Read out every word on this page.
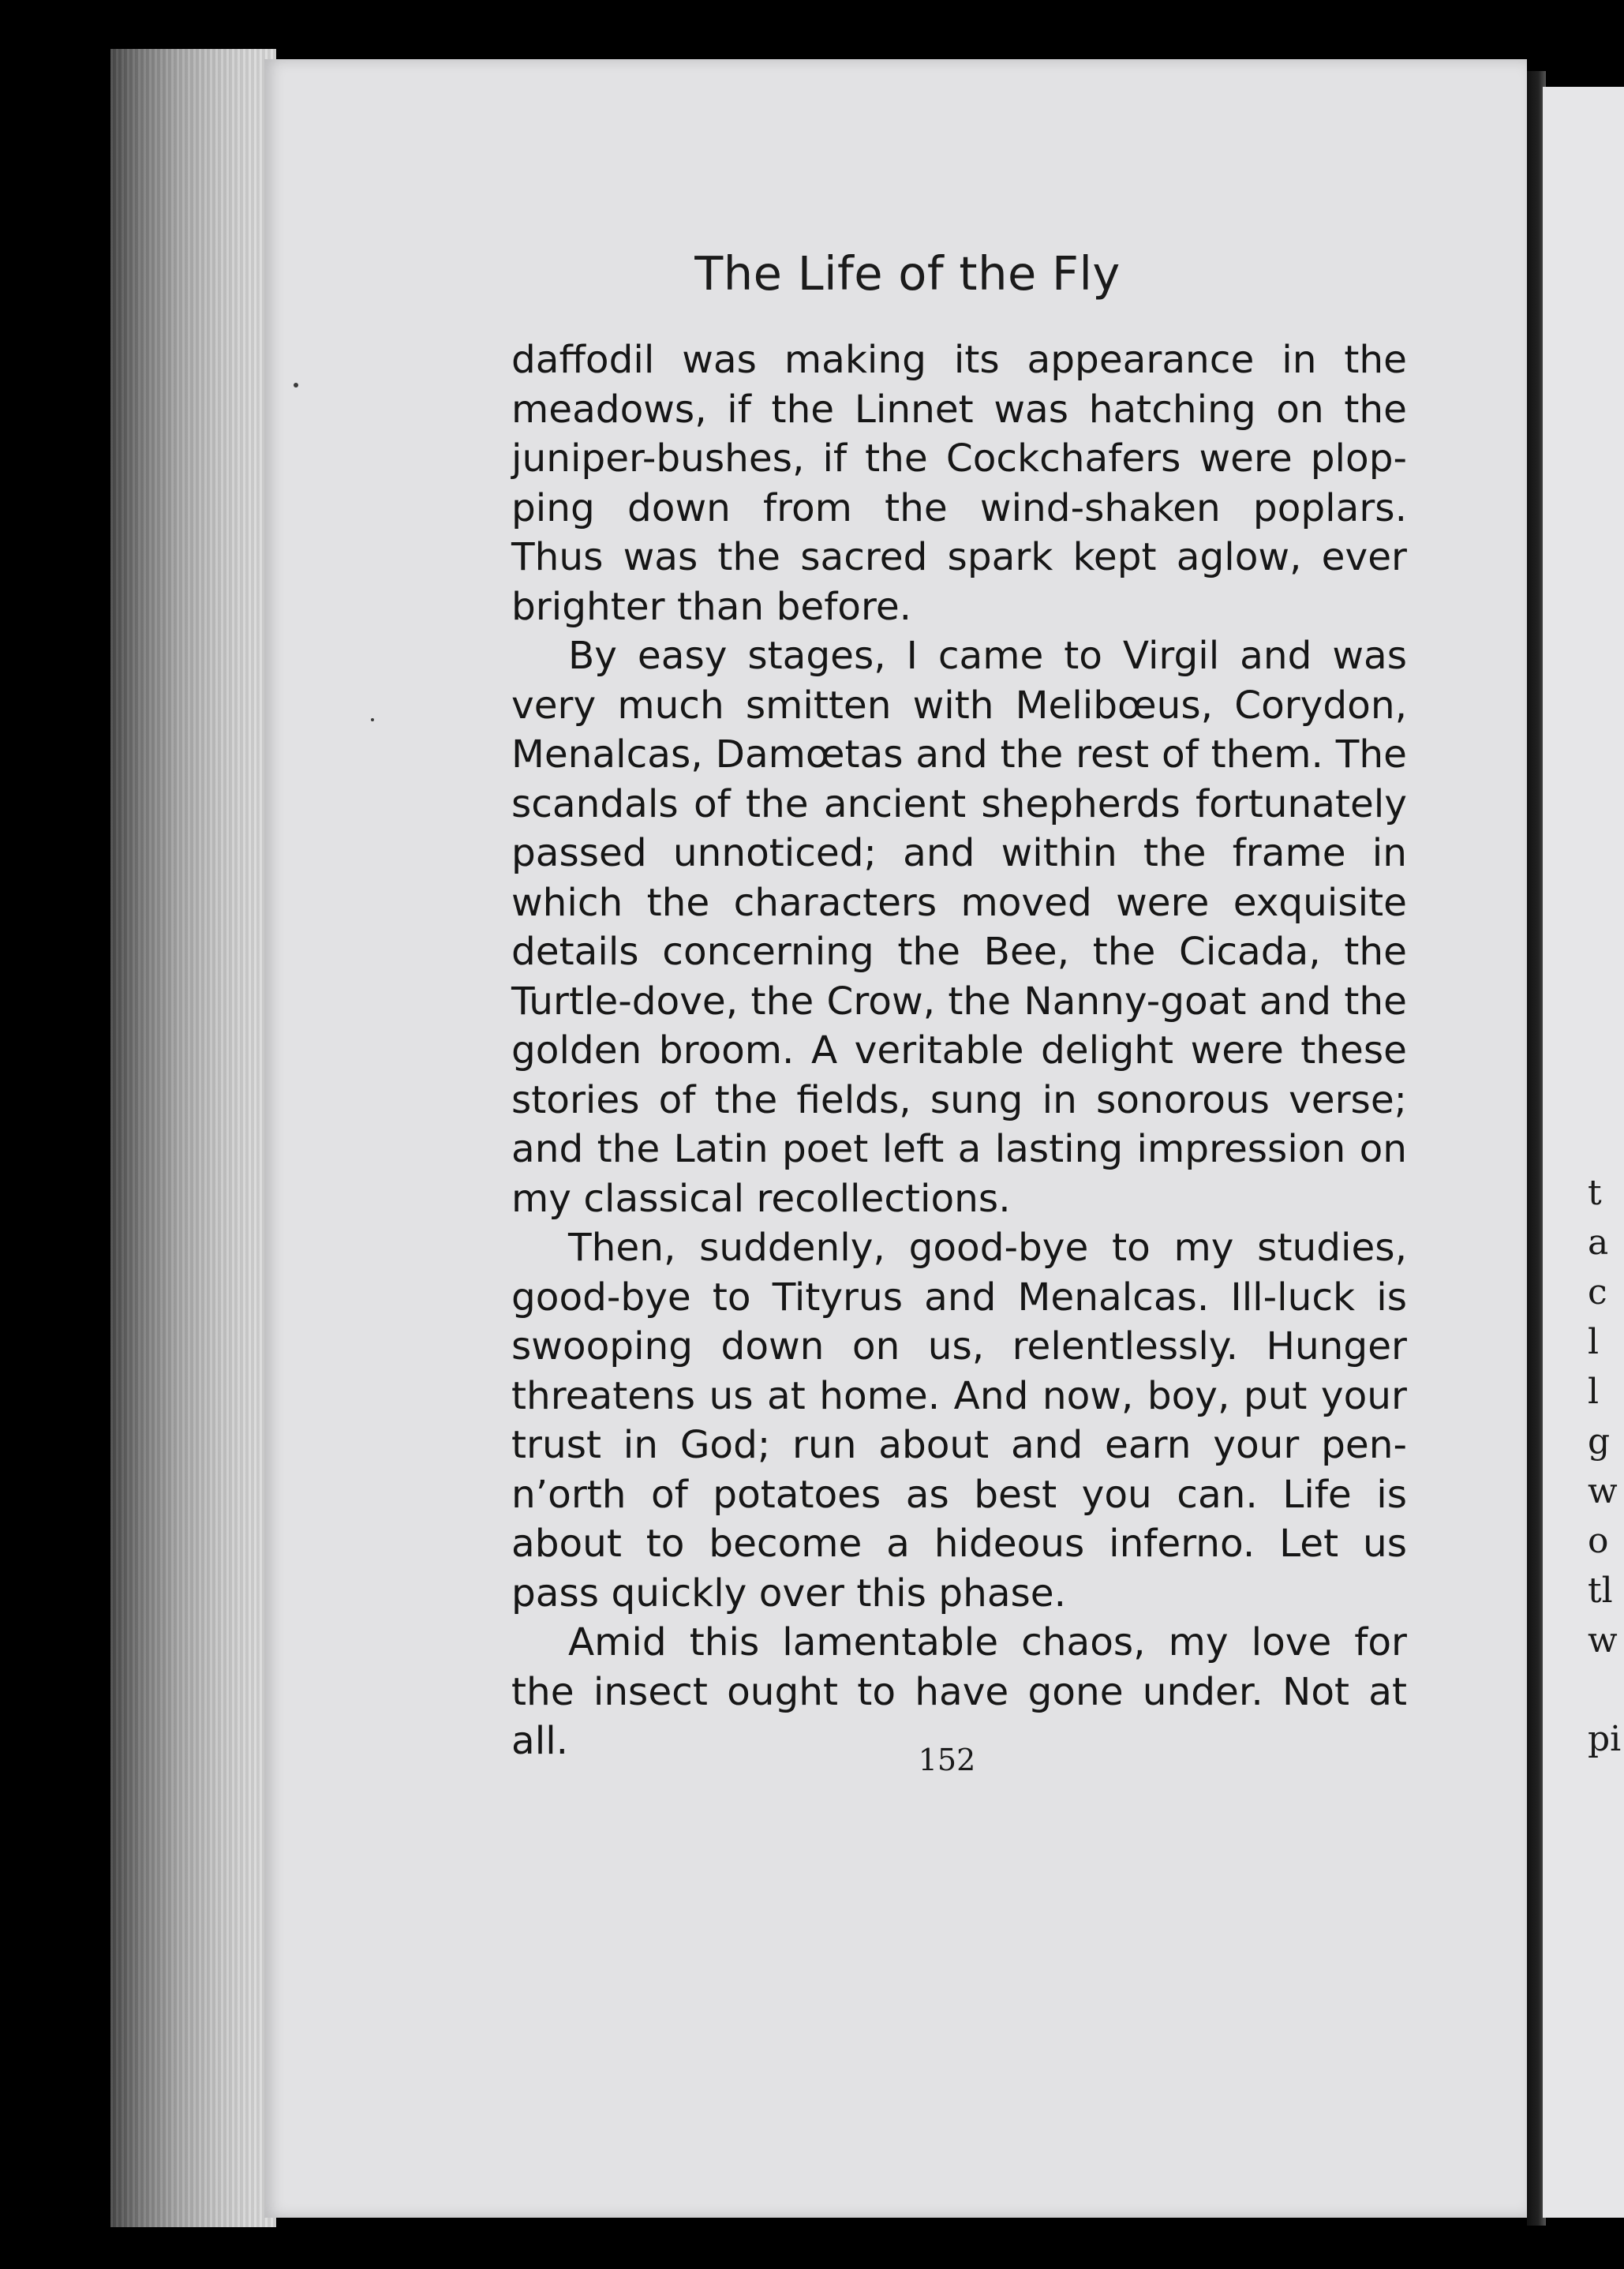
t
a
c
l
l
g
w
o
tl
w
pi
The Life of the Fly

daffodil was making its appearance in the meadows, if the Linnet was hatching on the juniper-bushes, if the Cockchafers were plopping down from the wind-shaken poplars. Thus was the sacred spark kept aglow, ever brighter than before.

By easy stages, I came to Virgil and was very much smitten with Melibœus, Corydon, Menalcas, Damœtas and the rest of them. The scandals of the ancient shepherds fortunately passed unnoticed; and within the frame in which the characters moved were exquisite details concerning the Bee, the Cicada, the Turtle-dove, the Crow, the Nanny-goat and the golden broom. A veritable delight were these stories of the fields, sung in sonorous verse; and the Latin poet left a lasting impression on my classical recollections.

Then, suddenly, good-bye to my studies, good-bye to Tityrus and Menalcas. Ill-luck is swooping down on us, relentlessly. Hunger threatens us at home. And now, boy, put your trust in God; run about and earn your penn’orth of potatoes as best you can. Life is about to become a hideous inferno. Let us pass quickly over this phase.

Amid this lamentable chaos, my love for the insect ought to have gone under. Not at all.	152
